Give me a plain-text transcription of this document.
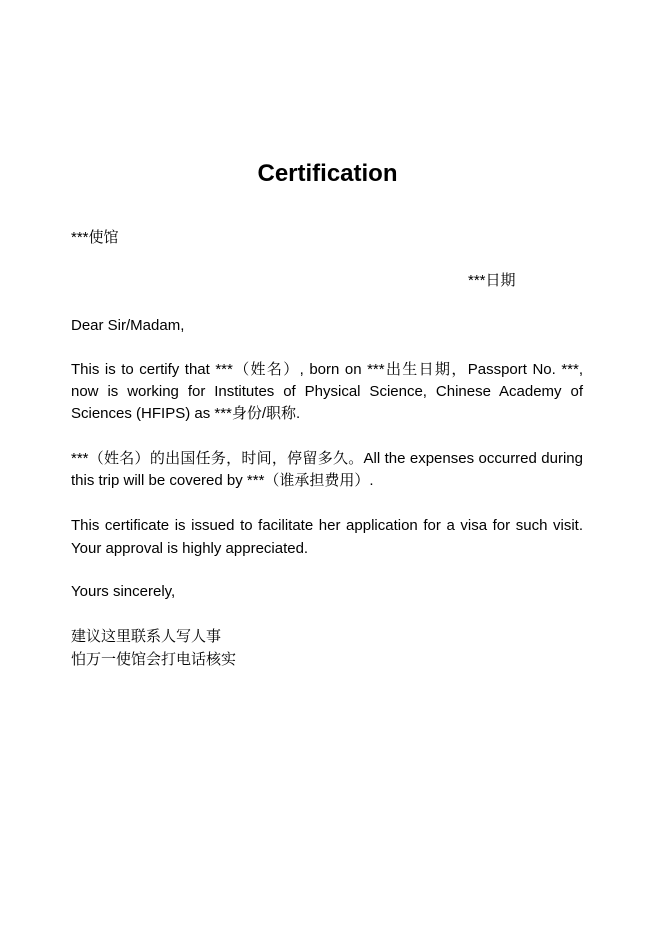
Certification

***使馆

***日期

Dear Sir/Madam,

This is to certify that ***（姓名）, born on ***出生日期，Passport No. ***, now is working for Institutes of Physical Science, Chinese Academy of Sciences (HFIPS) as ***身份/职称.

***（姓名）的出国任务，时间，停留多久。All the expenses occurred during this trip will be covered by ***（谁承担费用）.

This certificate is issued to facilitate her application for a visa for such visit. Your approval is highly appreciated.

Yours sincerely,

建议这里联系人写人事
怕万一使馆会打电话核实
